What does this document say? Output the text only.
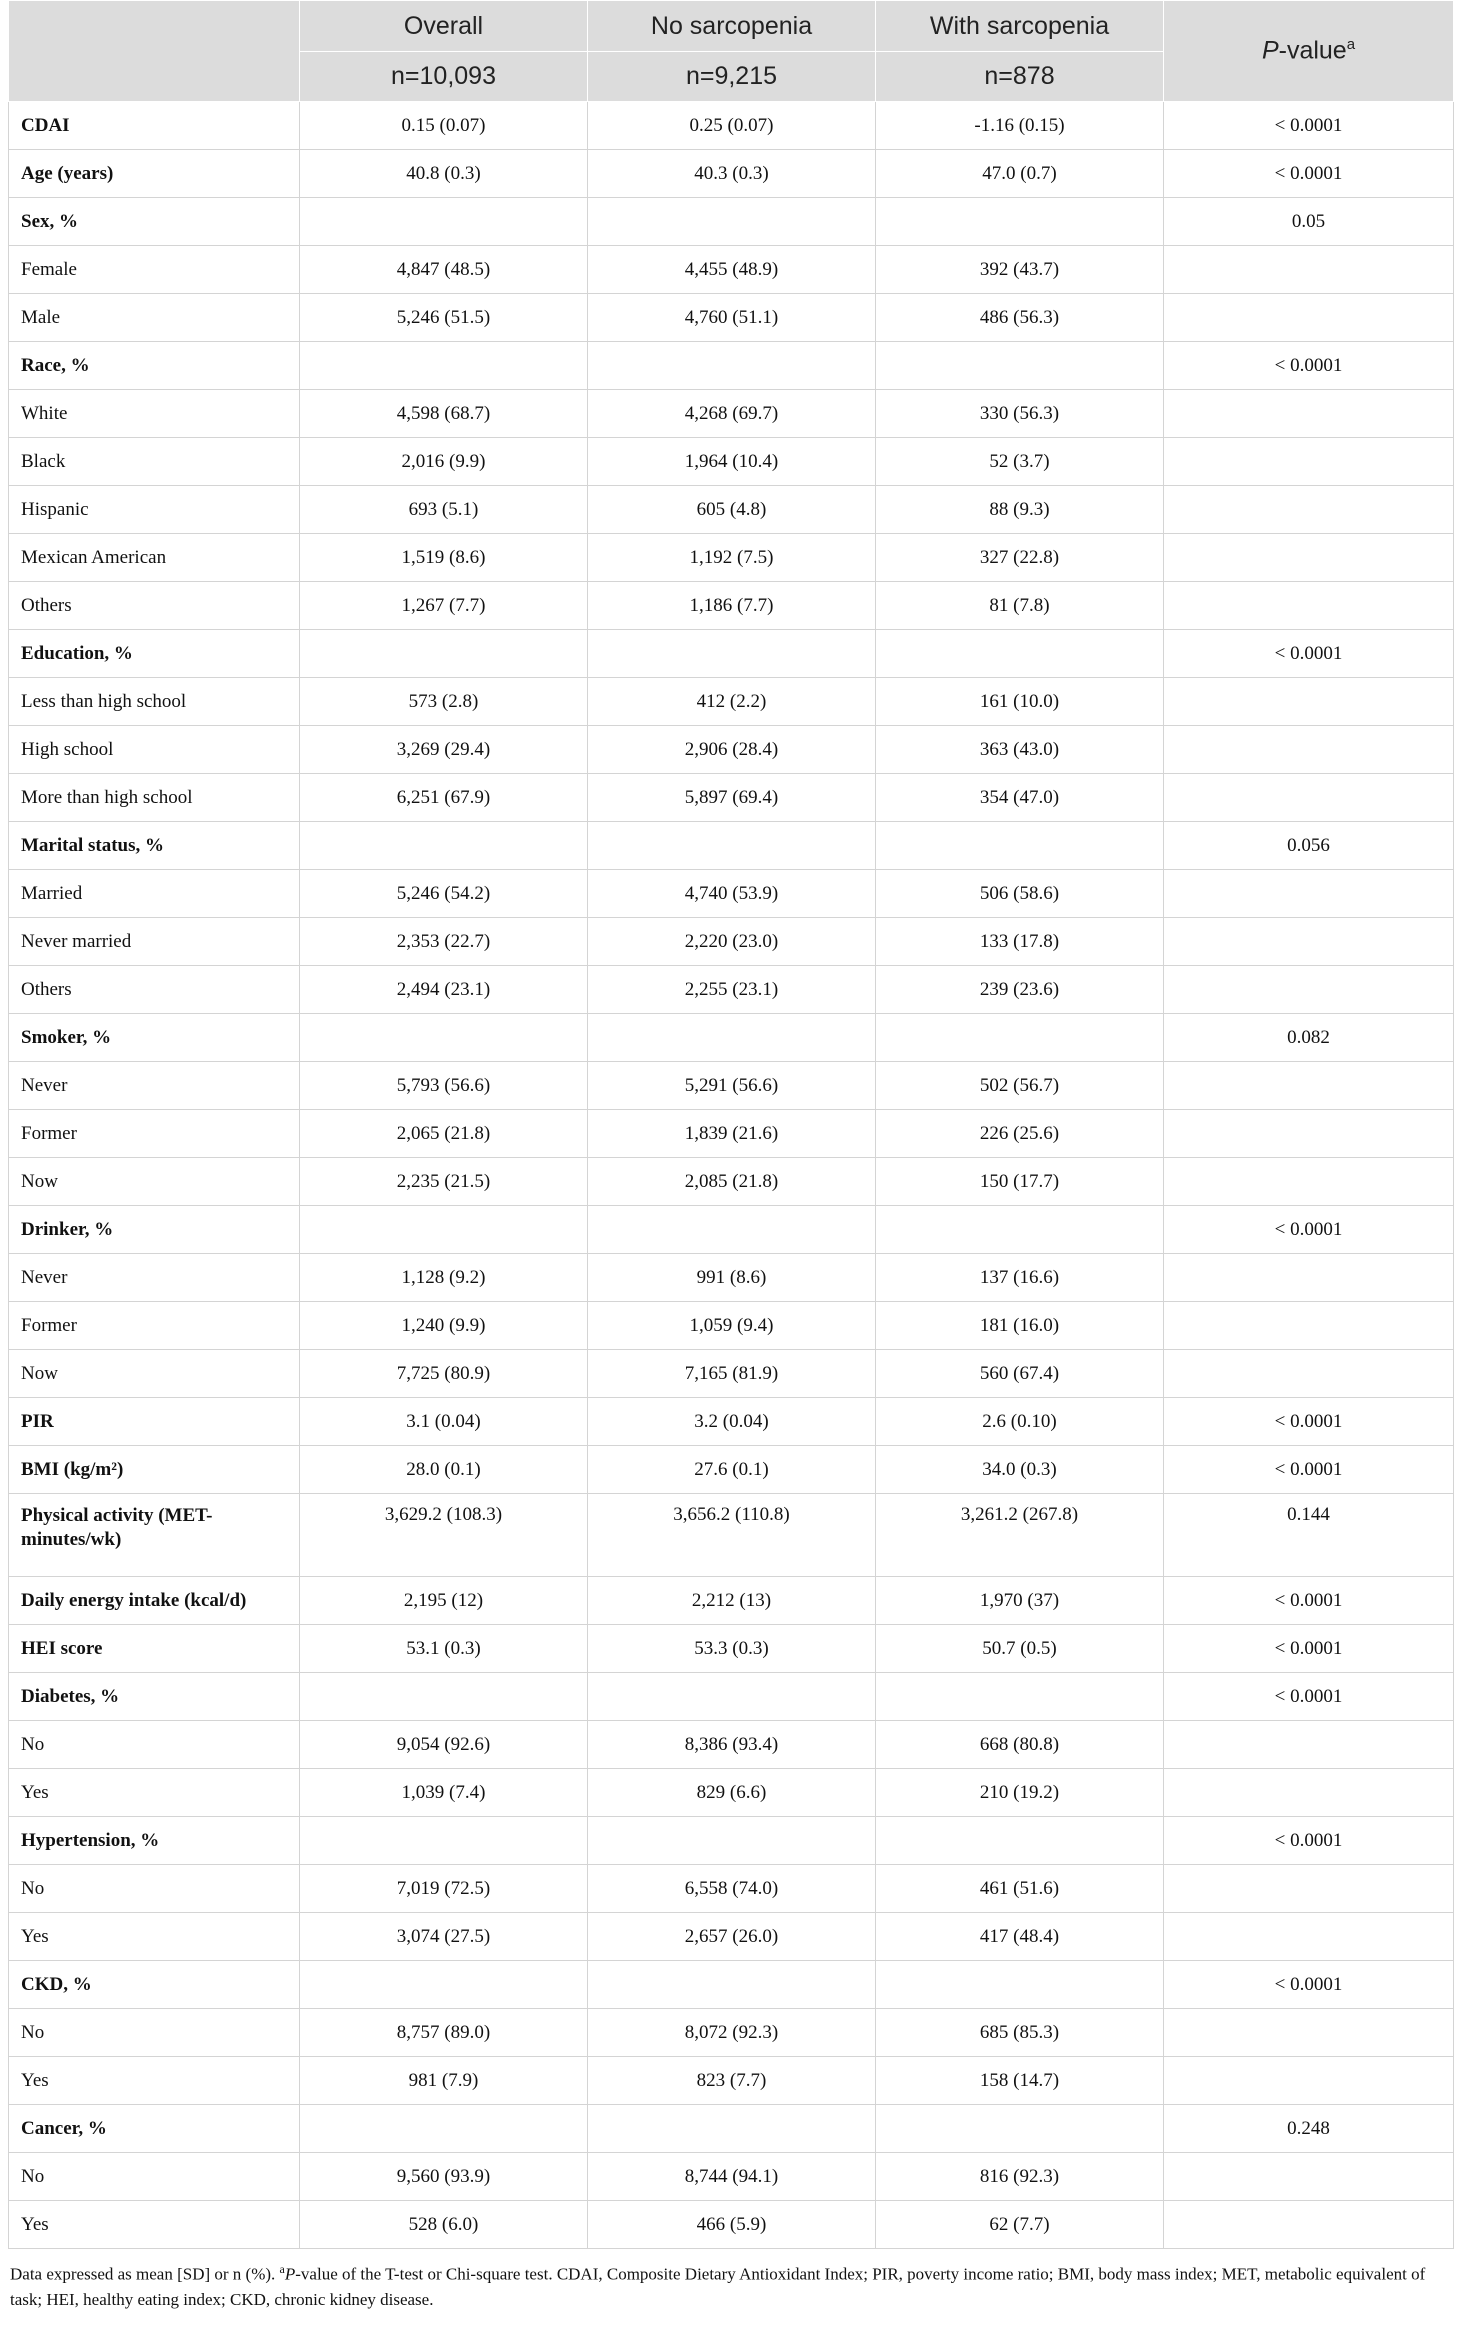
	Overall	No sarcopenia	With sarcopenia	P-value$^a$
	n=10,093	n=9,215	n=878	
CDAI	0.15 (0.07)	0.25 (0.07)	-1.16 (0.15)	< 0.0001
Age (years)	40.8 (0.3)	40.3 (0.3)	47.0 (0.7)	< 0.0001
Sex, %				0.05
Female	4,847 (48.5)	4,455 (48.9)	392 (43.7)	
Male	5,246 (51.5)	4,760 (51.1)	486 (56.3)	
Race, %				< 0.0001
White	4,598 (68.7)	4,268 (69.7)	330 (56.3)	
Black	2,016 (9.9)	1,964 (10.4)	52 (3.7)	
Hispanic	693 (5.1)	605 (4.8)	88 (9.3)	
Mexican American	1,519 (8.6)	1,192 (7.5)	327 (22.8)	
Others	1,267 (7.7)	1,186 (7.7)	81 (7.8)	
Education, %				< 0.0001
Less than high school	573 (2.8)	412 (2.2)	161 (10.0)	
High school	3,269 (29.4)	2,906 (28.4)	363 (43.0)	
More than high school	6,251 (67.9)	5,897 (69.4)	354 (47.0)	
Marital status, %				0.056
Married	5,246 (54.2)	4,740 (53.9)	506 (58.6)	
Never married	2,353 (22.7)	2,220 (23.0)	133 (17.8)	
Others	2,494 (23.1)	2,255 (23.1)	239 (23.6)	
Smoker, %				0.082
Never	5,793 (56.6)	5,291 (56.6)	502 (56.7)	
Former	2,065 (21.8)	1,839 (21.6)	226 (25.6)	
Now	2,235 (21.5)	2,085 (21.8)	150 (17.7)	
Drinker, %				< 0.0001
Never	1,128 (9.2)	991 (8.6)	137 (16.6)	
Former	1,240 (9.9)	1,059 (9.4)	181 (16.0)	
Now	7,725 (80.9)	7,165 (81.9)	560 (67.4)	
PIR	3.1 (0.04)	3.2 (0.04)	2.6 (0.10)	< 0.0001
BMI (kg/m²)	28.0 (0.1)	27.6 (0.1)	34.0 (0.3)	< 0.0001
Physical activity (MET-minutes/wk)	3,629.2 (108.3)	3,656.2 (110.8)	3,261.2 (267.8)	0.144
Daily energy intake (kcal/d)	2,195 (12)	2,212 (13)	1,970 (37)	< 0.0001
HEI score	53.1 (0.3)	53.3 (0.3)	50.7 (0.5)	< 0.0001
Diabetes, %				< 0.0001
No	9,054 (92.6)	8,386 (93.4)	668 (80.8)	
Yes	1,039 (7.4)	829 (6.6)	210 (19.2)	
Hypertension, %				< 0.0001
No	7,019 (72.5)	6,558 (74.0)	461 (51.6)	
Yes	3,074 (27.5)	2,657 (26.0)	417 (48.4)	
CKD, %				< 0.0001
No	8,757 (89.0)	8,072 (92.3)	685 (85.3)	
Yes	981 (7.9)	823 (7.7)	158 (14.7)	
Cancer, %				0.248
No	9,560 (93.9)	8,744 (94.1)	816 (92.3)	
Yes	528 (6.0)	466 (5.9)	62 (7.7)	
Data expressed as mean [SD] or n (%). $^a$P-value of the T-test or Chi-square test. CDAI, Composite Dietary Antioxidant Index; PIR, poverty income ratio; BMI, body mass index; MET, metabolic equivalent of task; HEI, healthy eating index; CKD, chronic kidney disease.
